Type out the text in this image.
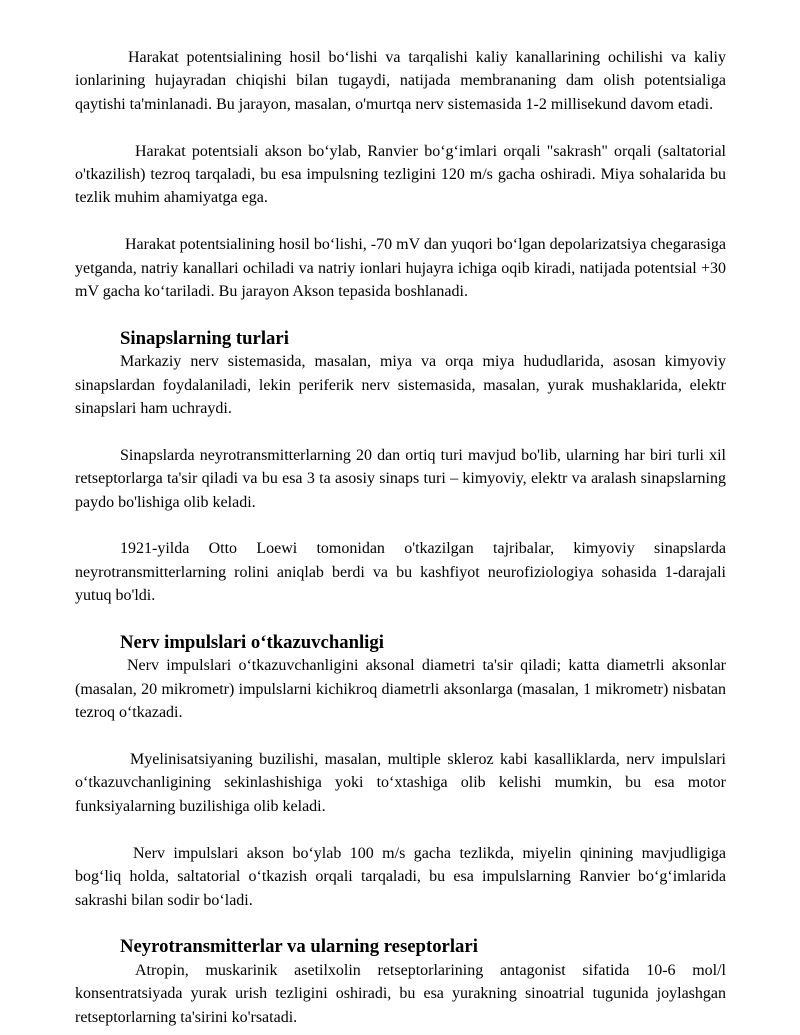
Harakat potentsialining hosil bo‘lishi va tarqalishi kaliy kanallarining ochilishi va kaliy ionlarining hujayradan chiqishi bilan tugaydi, natijada membrananing dam olish potentsialiga qaytishi ta'minlanadi. Bu jarayon, masalan, o'murtqa nerv sistemasida 1-2 millisekund davom etadi.

Harakat potentsiali akson bo‘ylab, Ranvier bo‘g‘imlari orqali "sakrash" orqali (saltatorial o'tkazilish) tezroq tarqaladi, bu esa impulsning tezligini 120 m/s gacha oshiradi. Miya sohalarida bu tezlik muhim ahamiyatga ega.

Harakat potentsialining hosil bo‘lishi, -70 mV dan yuqori bo‘lgan depolarizatsiya chegarasiga yetganda, natriy kanallari ochiladi va natriy ionlari hujayra ichiga oqib kiradi, natijada potentsial +30 mV gacha ko‘tariladi. Bu jarayon Akson tepasida boshlanadi.

Sinapslarning turlari

Markaziy nerv sistemasida, masalan, miya va orqa miya hududlarida, asosan kimyoviy sinapslardan foydalaniladi, lekin periferik nerv sistemasida, masalan, yurak mushaklarida, elektr sinapslari ham uchraydi.

Sinapslarda neyrotransmitterlarning 20 dan ortiq turi mavjud bo'lib, ularning har biri turli xil retseptorlarga ta'sir qiladi va bu esa 3 ta asosiy sinaps turi – kimyoviy, elektr va aralash sinapslarning paydo bo'lishiga olib keladi.

1921-yilda Otto Loewi tomonidan o'tkazilgan tajribalar, kimyoviy sinapslarda neyrotransmitterlarning rolini aniqlab berdi va bu kashfiyot neurofiziologiya sohasida 1-darajali yutuq bo'ldi.

Nerv impulslari o‘tkazuvchanligi

Nerv impulslari o‘tkazuvchanligini aksonal diametri ta'sir qiladi; katta diametrli aksonlar (masalan, 20 mikrometr) impulslarni kichikroq diametrli aksonlarga (masalan, 1 mikrometr) nisbatan tezroq o‘tkazadi.

Myelinisatsiyaning buzilishi, masalan, multiple skleroz kabi kasalliklarda, nerv impulslari o‘tkazuvchanligining sekinlashishiga yoki to‘xtashiga olib kelishi mumkin, bu esa motor funksiyalarning buzilishiga olib keladi.

Nerv impulslari akson bo‘ylab 100 m/s gacha tezlikda, miyelin qinining mavjudligiga bog‘liq holda, saltatorial o‘tkazish orqali tarqaladi, bu esa impulslarning Ranvier bo‘g‘imlarida sakrashi bilan sodir bo‘ladi.

Neyrotransmitterlar va ularning reseptorlari

Atropin, muskarinik asetilxolin retseptorlarining antagonist sifatida 10-6 mol/l konsentratsiyada yurak urish tezligini oshiradi, bu esa yurakning sinoatrial tugunida joylashgan retseptorlarning ta'sirini ko'rsatadi.
